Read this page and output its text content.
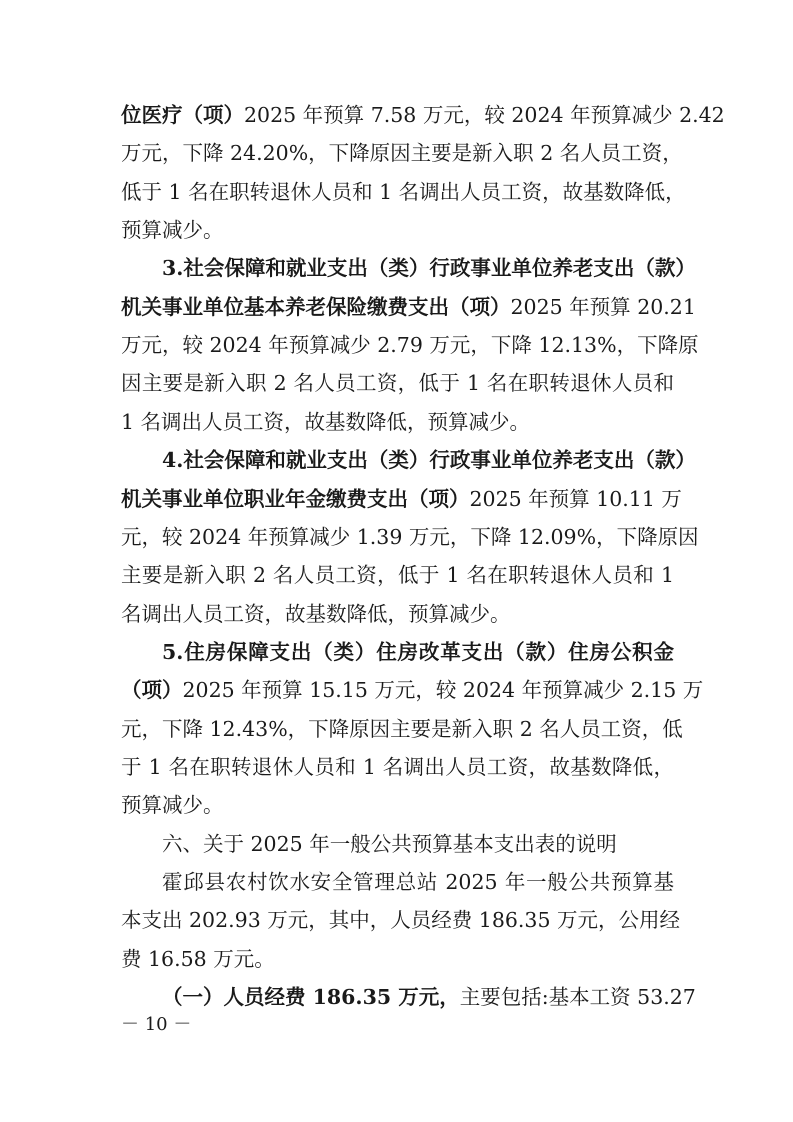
位医疗（项）2025 年预算 7.58 万元，较 2024 年预算减少 2.42
万元，下降 24.20%，下降原因主要是新入职 2 名人员工资，
低于 1 名在职转退休人员和 1 名调出人员工资，故基数降低，
预算减少。
3.社会保障和就业支出（类）行政事业单位养老支出（款）
机关事业单位基本养老保险缴费支出（项）2025 年预算 20.21
万元，较 2024 年预算减少 2.79 万元，下降 12.13%，下降原
因主要是新入职 2 名人员工资，低于 1 名在职转退休人员和
1 名调出人员工资，故基数降低，预算减少。
4.社会保障和就业支出（类）行政事业单位养老支出（款）
机关事业单位职业年金缴费支出（项）2025 年预算 10.11 万
元，较 2024 年预算减少 1.39 万元，下降 12.09%，下降原因
主要是新入职 2 名人员工资，低于 1 名在职转退休人员和 1
名调出人员工资，故基数降低，预算减少。
5.住房保障支出（类）住房改革支出（款）住房公积金
（项）2025 年预算 15.15 万元，较 2024 年预算减少 2.15 万
元，下降 12.43%，下降原因主要是新入职 2 名人员工资，低
于 1 名在职转退休人员和 1 名调出人员工资，故基数降低，
预算减少。
六、关于 2025 年一般公共预算基本支出表的说明
霍邱县农村饮水安全管理总站 2025 年一般公共预算基
本支出 202.93 万元，其中，人员经费 186.35 万元，公用经
费 16.58 万元。
（一）人员经费 186.35 万元，主要包括:基本工资 53.27
－ 10 －
